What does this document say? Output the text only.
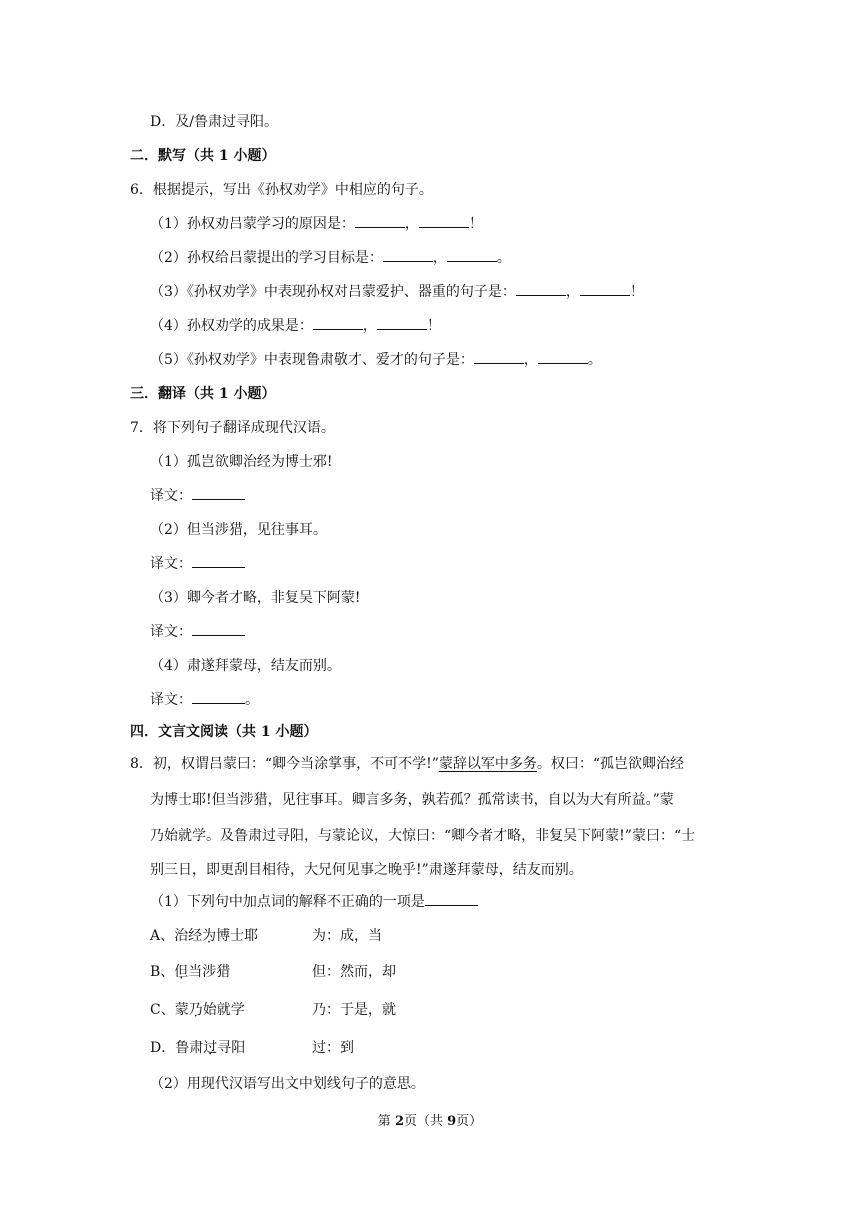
D．及/鲁肃过寻阳。
二．默写（共 1 小题）
6．根据提示，写出《孙权劝学》中相应的句子。
（1）孙权劝吕蒙学习的原因是：	，	！
（2）孙权给吕蒙提出的学习目标是：	，	。
（3）《孙权劝学》中表现孙权对吕蒙爱护、器重的句子是：	，	！
（4）孙权劝学的成果是：	，	！
（5）《孙权劝学》中表现鲁肃敬才、爱才的句子是：	，	。
三．翻译（共 1 小题）
7．将下列句子翻译成现代汉语。
（1）孤岂欲卿治经为博士邪!
译文：
（2）但当涉猎，见往事耳。
译文：
（3）卿今者才略，非复吴下阿蒙!
译文：
（4）肃遂拜蒙母，结友而别。
译文：	。
四．文言文阅读（共 1 小题）
8．初，权谓吕蒙曰：“卿今当涂掌事，不可不学!”蒙辞以军中多务。权曰：“孤岂欲卿治经
为博士耶!但当涉猎，见往事耳。卿言多务，孰若孤？孤常读书，自以为大有所益。”蒙
乃始就学。及鲁肃过寻阳，与蒙论议，大惊曰：“卿今者才略，非复吴下阿蒙!”蒙曰：“士
别三日，即更刮目相待，大兄何见事之晚乎!”肃遂拜蒙母，结友而别。
（1）下列句中加点词的解释不正确的一项是
A、治经为博士耶	为：成，当
B、但当涉猎	但：然而，却
C、蒙乃始就学	乃：于是，就
D．鲁肃过寻阳	过：到
（2）用现代汉语写出文中划线句子的意思。
第 2页（共 9页）
